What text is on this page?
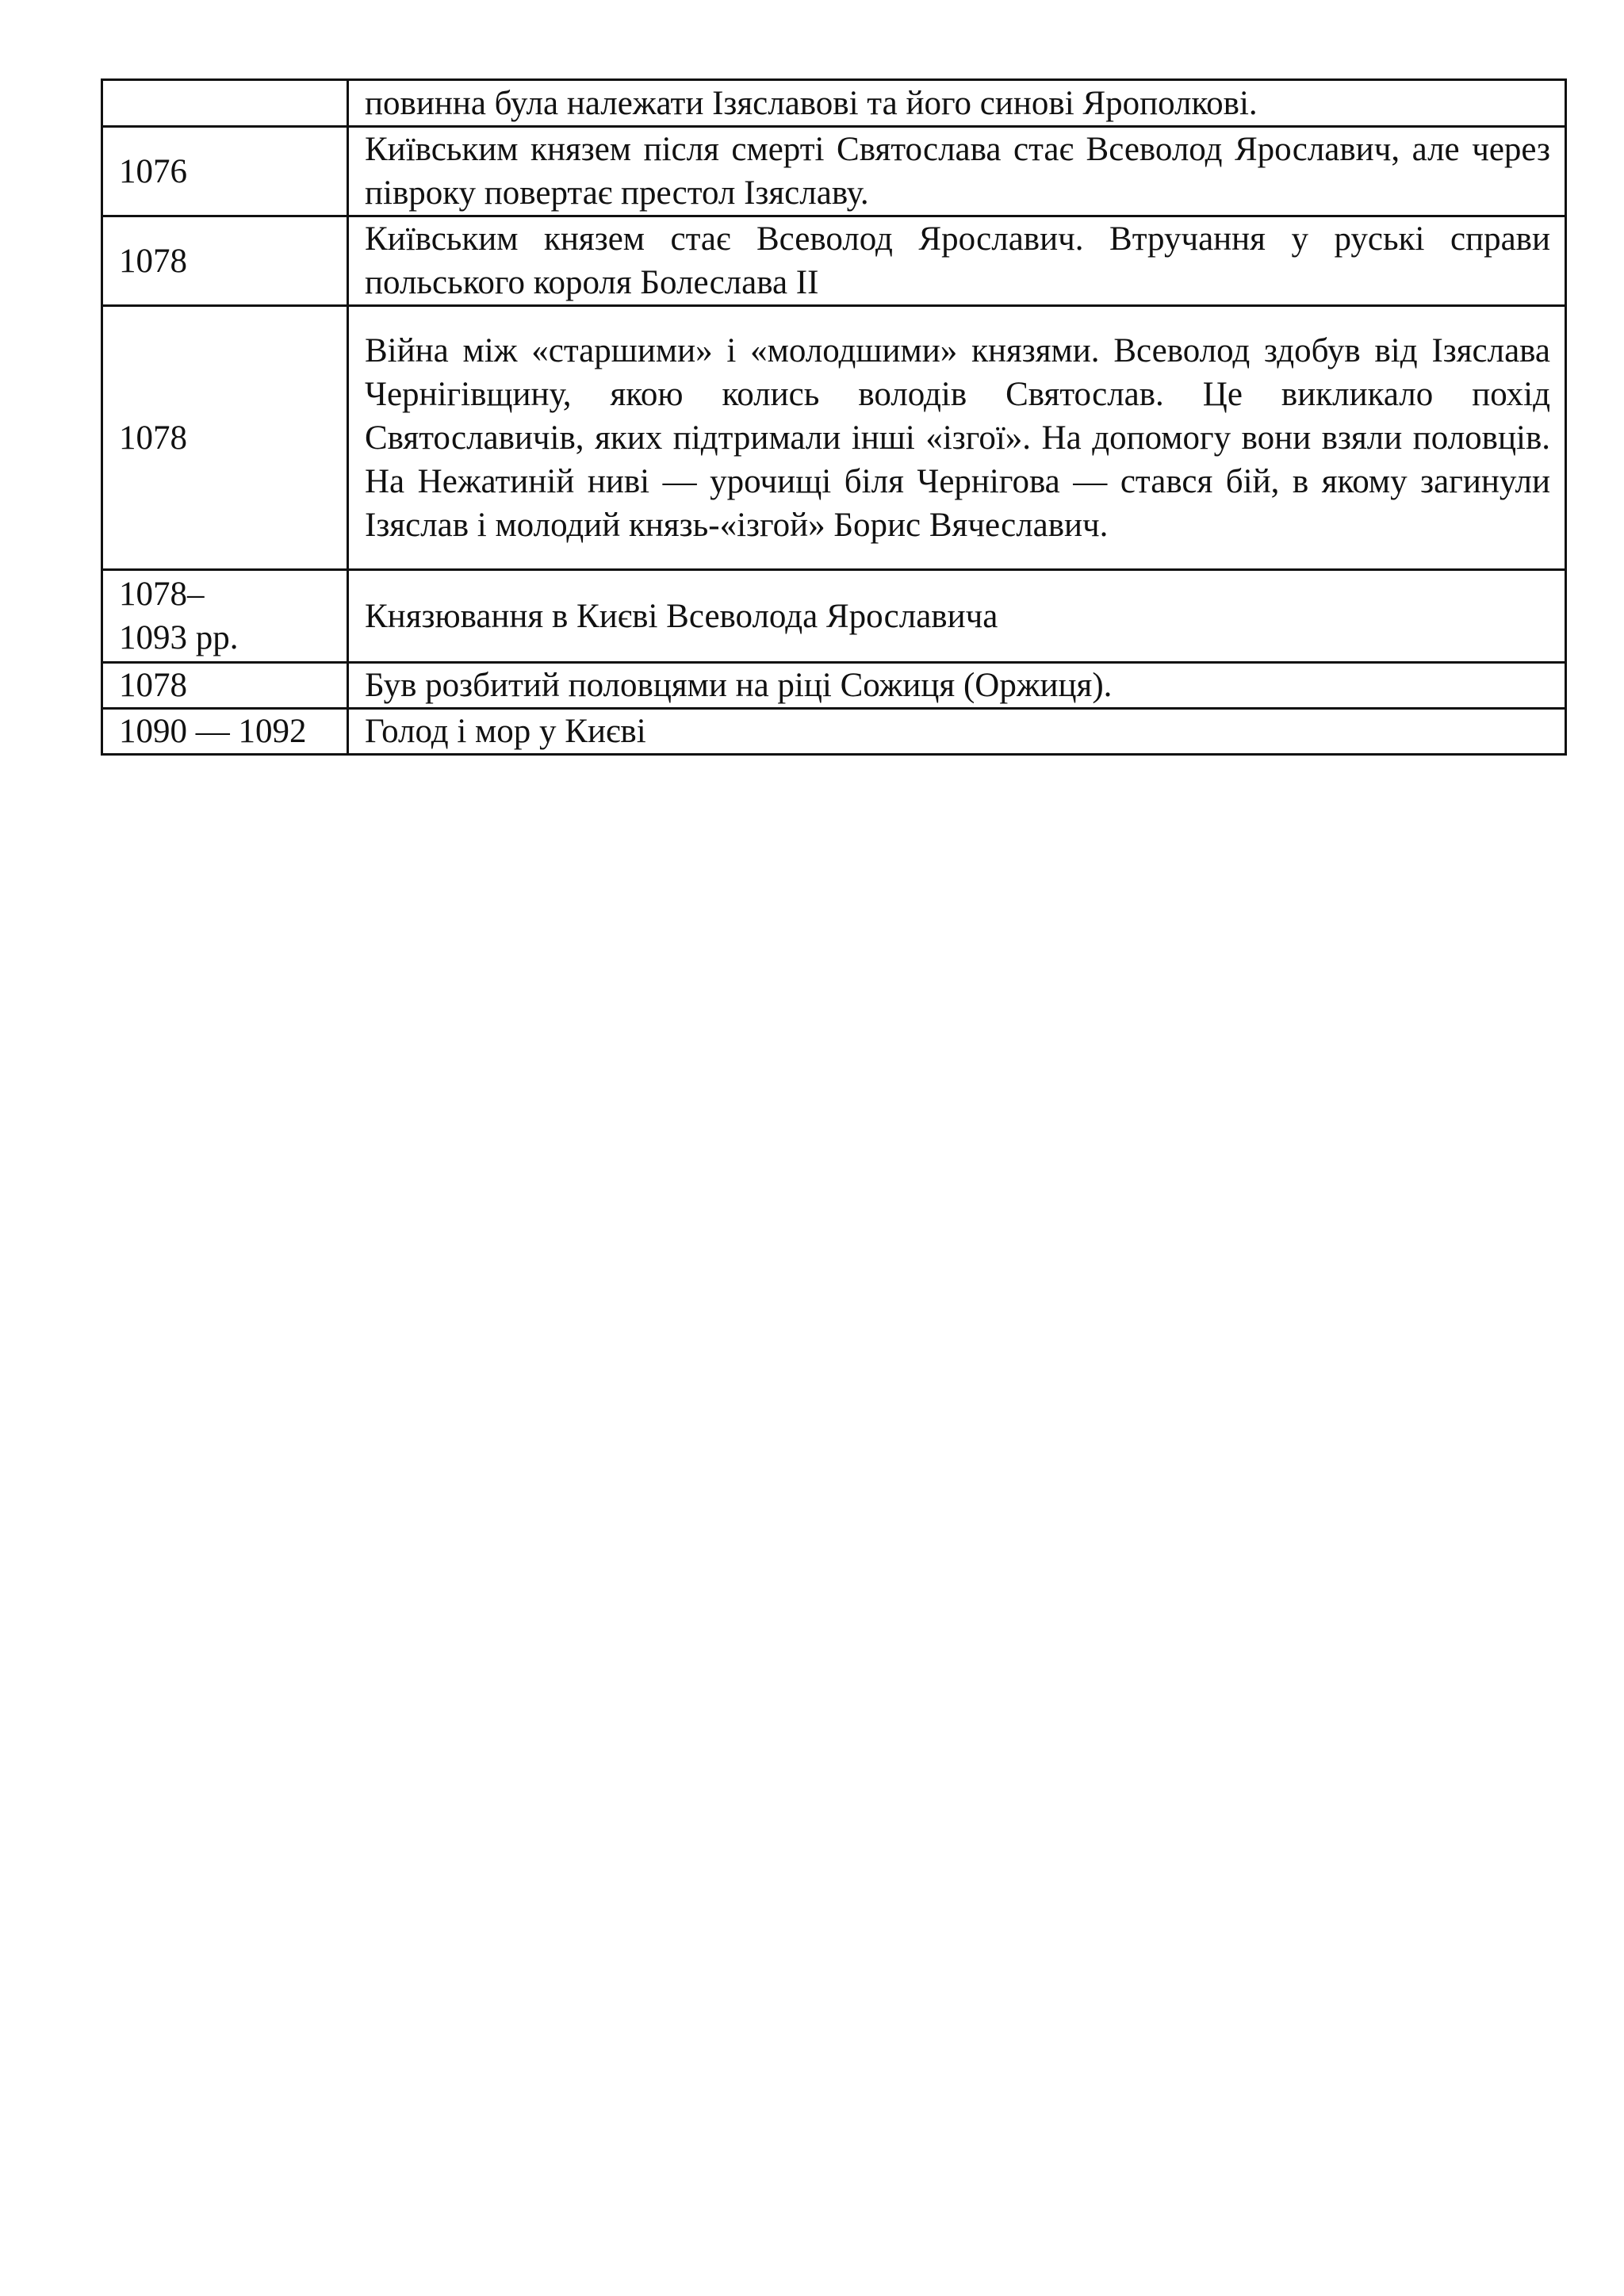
	повинна була належати Ізяславові та його синові Ярополкові.

1076	Київським князем після смерті Святослава стає Всеволод Ярославич, але через півроку повертає престол Ізяславу.

1078	Київським князем стає Всеволод Ярославич. Втручання у руські справи польського короля Болеслава ІІ

1078	Війна між «старшими» і «молодшими» князями. Всеволод здобув від Ізяслава Чернігівщину, якою колись володів Святослав. Це викликало похід Святославичів, яких підтримали інші «ізгої». На допомогу вони взяли половців. На Нежатиній ниві — урочищі біля Чернігова — стався бій, в якому загинули Ізяслав і молодий князь-«ізгой» Борис Вячеславич.

1078–
1093 рр.	Князювання в Києві Всеволода Ярославича

1078	Був розбитий половцями на ріці Сожиця (Оржиця).

1090 — 1092	Голод і мор у Києві
